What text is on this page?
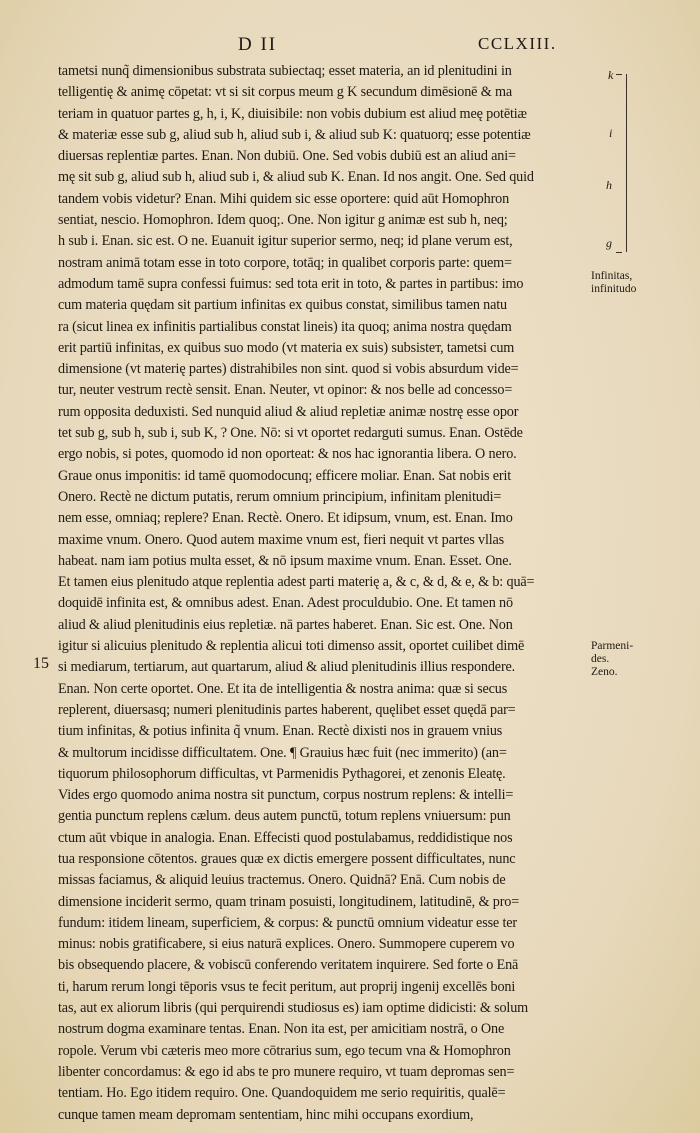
D II	CCLXIII.
tametsi nunq̃ dimensionibus substrata subiectaq; esset materia, an id plenitudini in
telligentię & animę cōpetat: vt si sit corpus meum g K secundum dimēsionē & ma
teriam in quatuor partes g, h, i, K, diuisibile: non vobis dubium est aliud meę potētiæ
& materiæ esse sub g, aliud sub h, aliud sub i, & aliud sub K: quatuorq; esse potentiæ
diuersas replentiæ partes. Enan. Non dubiū. One. Sed vobis dubiū est an aliud ani=
mę sit sub g, aliud sub h, aliud sub i, & aliud sub K. Enan. Id nos angit. One. Sed quid
tandem vobis videtur? Enan. Mihi quidem sic esse oportere: quid aūt Homophron
sentiat, nescio. Homophron. Idem quoq;. One. Non igitur g animæ est sub h, neq;
h sub i. Enan. sic est. O ne. Euanuit igitur superior sermo, neq; id plane verum est,
nostram animā totam esse in toto corpore, totāq; in qualibet corporis parte: quem=
admodum tamē supra confessi fuimus: sed tota erit in toto, & partes in partibus: imo
cum materia quędam sit partium infinitas ex quibus constat, similibus tamen natu
ra (sicut linea ex infinitis partialibus constat lineis) ita quoq; anima nostra quędam
erit partiū infinitas, ex quibus suo modo (vt materia ex suis) subsisteт, tametsi cum
dimensione (vt materię partes) distrahibiles non sint. quod si vobis absurdum vide=
tur, neuter vestrum rectè sensit. Enan. Neuter, vt opinor: & nos belle ad concesso=
rum opposita deduxisti. Sed nunquid aliud & aliud repletiæ animæ nostrę esse opor
tet sub g, sub h, sub i, sub K, ? One. Nō: si vt oportet redarguti sumus. Enan. Ostēde
ergo nobis, si potes, quomodo id non oporteat: & nos hac ignorantia libera. O nero.
Graue onus imponitis: id tamē quomodocunq; efficere moliar. Enan. Sat nobis erit
Onero. Rectè ne dictum putatis, rerum omnium principium, infinitam plenitudi=
nem esse, omniaq; replere? Enan. Rectè. Onero. Et idipsum, vnum, est. Enan. Imo
maxime vnum. Onero. Quod autem maxime vnum est, fieri nequit vt partes vllas
habeat. nam iam potius multa esset, & nō ipsum maxime vnum. Enan. Esset. One.
Et tamen eius plenitudo atque replentia adest parti materię a, & c, & d, & e, & b: quā=
doquidē infinita est, & omnibus adest. Enan. Adest proculdubio. One. Et tamen nō
aliud & aliud plenitudinis eius repletiæ. nā partes haberet. Enan. Sic est. One. Non
igitur si alicuius plenitudo & replentia alicui toti dimenso assit, oportet cuilibet dimē
si mediarum, tertiarum, aut quartarum, aliud & aliud plenitudinis illius respondere.
Enan. Non certe oportet. One. Et ita de intelligentia & nostra anima: quæ si secus
replerent, diuersasq; numeri plenitudinis partes haberent, quęlibet esset quędā par=
tium infinitas, & potius infinita q̃ vnum. Enan. Rectè dixisti nos in grauem vnius
& multorum incidisse difficultatem. One. ¶ Grauius hæc fuit (nec immerito) (an=
tiquorum philosophorum difficultas, vt Parmenidis Pythagorei, et zenonis Eleatę.
Vides ergo quomodo anima nostra sit punctum, corpus nostrum replens: & intelli=
gentia punctum replens cælum. deus autem punctū, totum replens vniuersum: pun
ctum aūt vbique in analogia. Enan. Effecisti quod postulabamus, reddidistique nos
tua responsione cōtentos. graues quæ ex dictis emergere possent difficultates, nunc
missas faciamus, & aliquid leuius tractemus. Onero. Quidnā? Enā. Cum nobis de
dimensione inciderit sermo, quam trinam posuisti, longitudinem, latitudinē, & pro=
fundum: itidem lineam, superficiem, & corpus: & punctū omnium videatur esse ter
minus: nobis gratificabere, si eius naturā explices. Onero. Summopere cuperem vo
bis obsequendo placere, & vobiscū conferendo veritatem inquirere. Sed forte o Enā
ti, harum rerum longi tēporis vsus te fecit peritum, aut proprij ingenij excellēs boni
tas, aut ex aliorum libris (qui perquirendi studiosus es) iam optime didicisti: & solum
nostrum dogma examinare tentas. Enan. Non ita est, per amicitiam nostrā, o One
ropole. Verum vbi cæteris meo more cōtrarius sum, ego tecum vna & Homophron
libenter concordamus: & ego id abs te pro munere requiro, vt tuam depromas sen=
tentiam. Ho. Ego itidem requiro. One. Quandoquidem me serio requiritis, qualē=
cunque tamen meam depromam sententiam, hinc mihi occupans exordium,
15
k
i
h
g
Infinitas,
infinitudo
Parmeni-
des.
Zeno.
